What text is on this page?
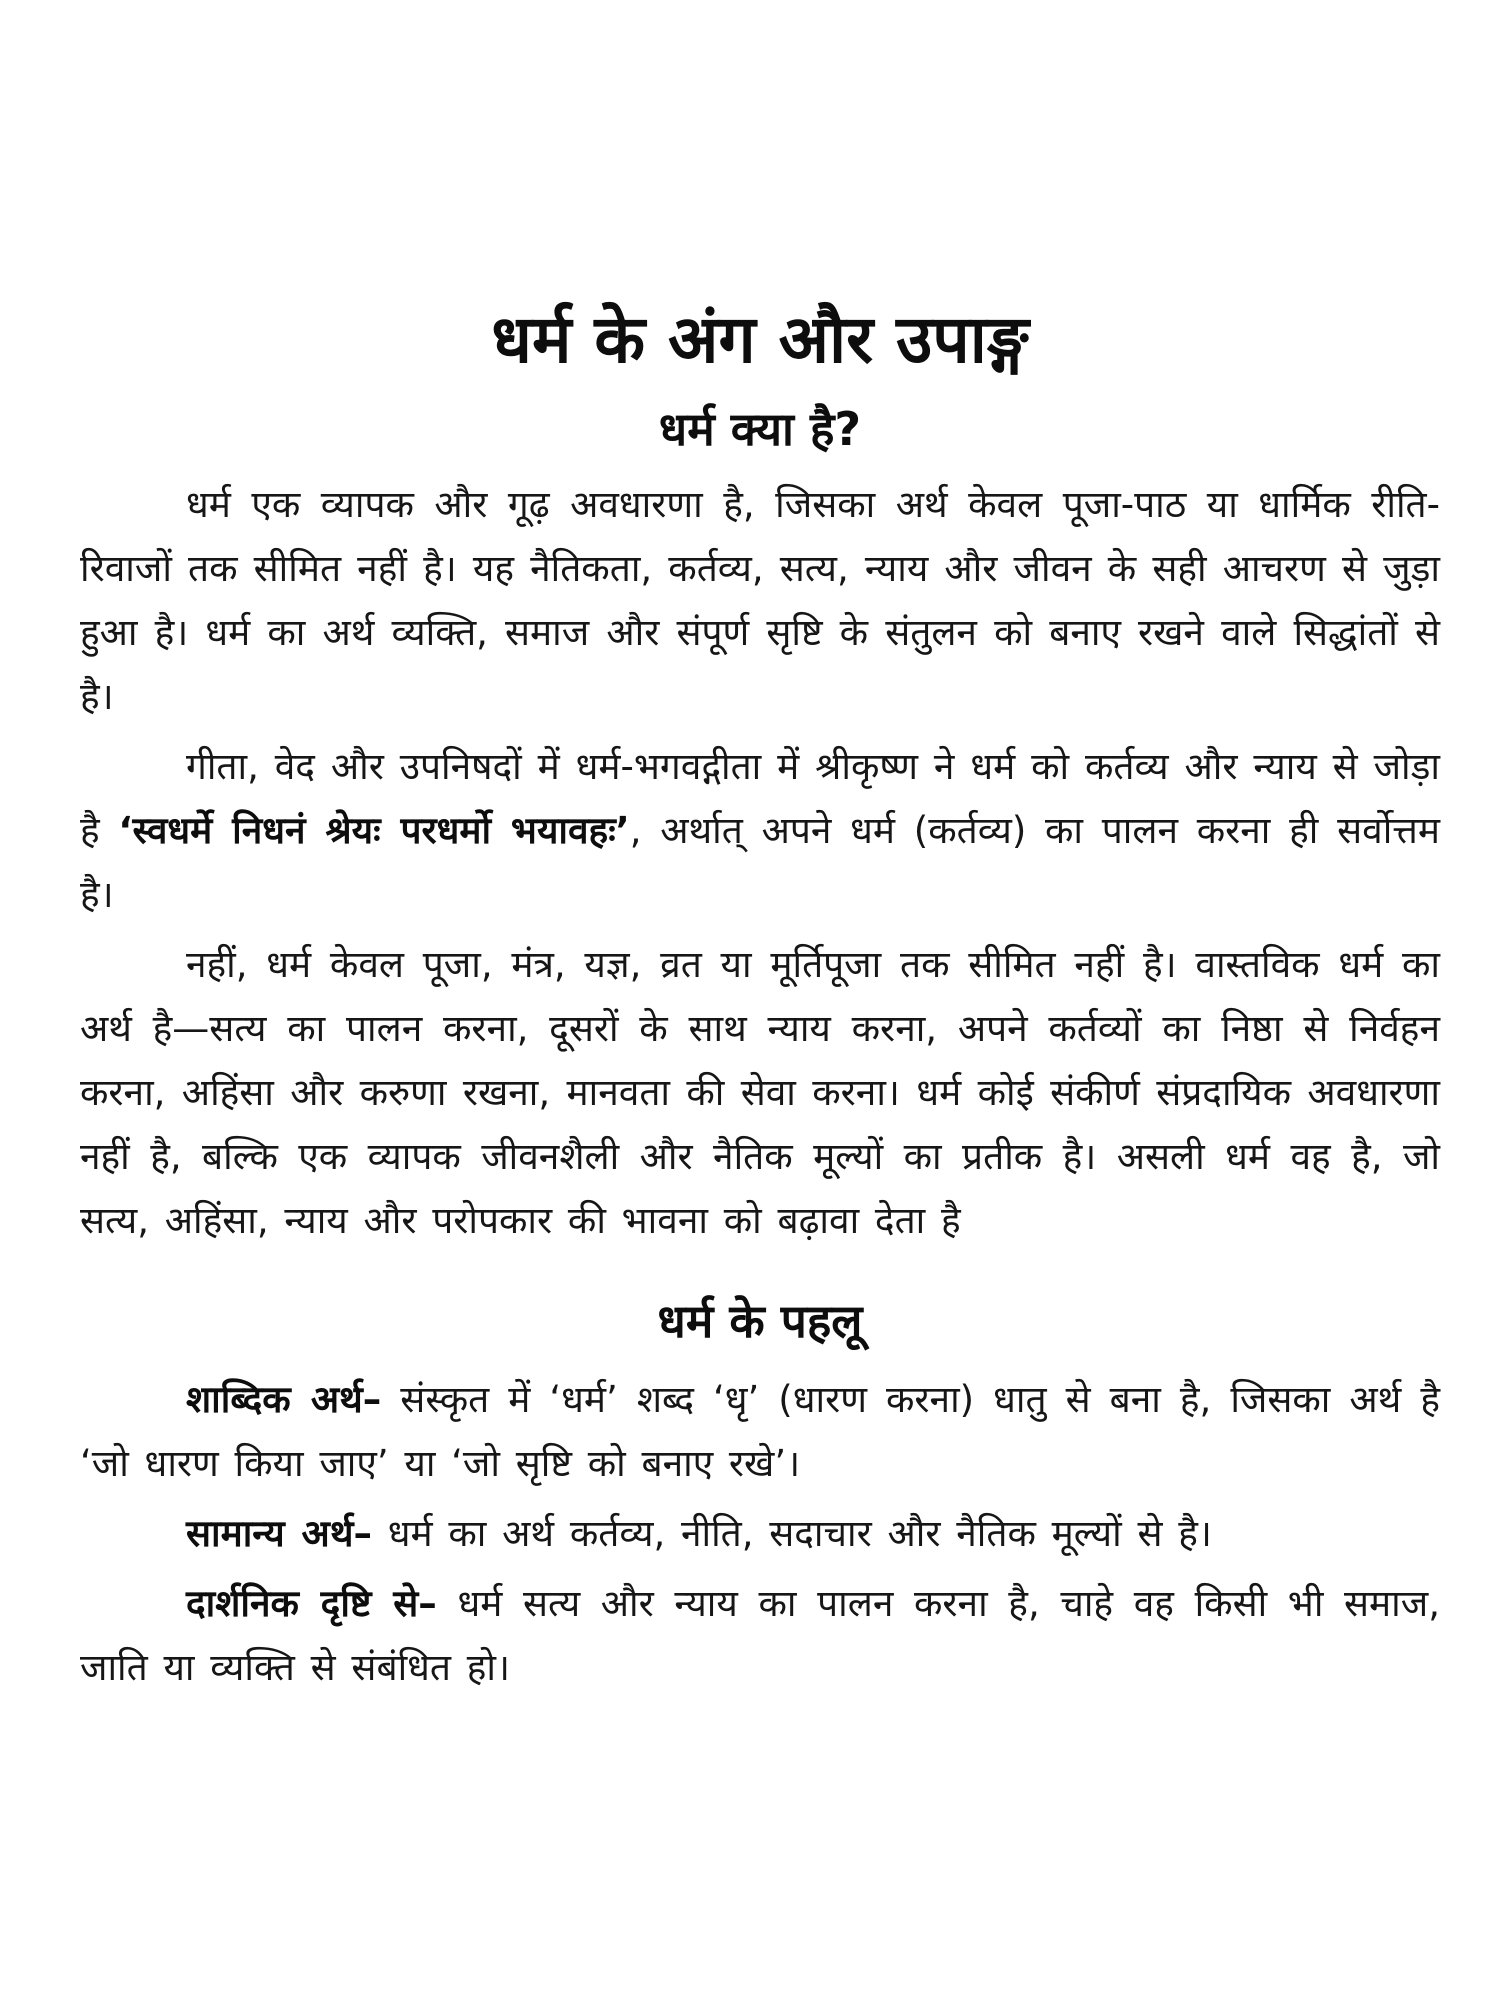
धर्म के अंग और उपाङ्ग
धर्म क्या है?

धर्म एक व्यापक और गूढ़ अवधारणा है, जिसका अर्थ केवल पूजा-पाठ या धार्मिक रीति-रिवाजों तक सीमित नहीं है। यह नैतिकता, कर्तव्य, सत्य, न्याय और जीवन के सही आचरण से जुड़ा हुआ है। धर्म का अर्थ व्यक्ति, समाज और संपूर्ण सृष्टि के संतुलन को बनाए रखने वाले सिद्धांतों से है।

गीता, वेद और उपनिषदों में धर्म-भगवद्गीता में श्रीकृष्ण ने धर्म को कर्तव्य और न्याय से जोड़ा है ‘स्वधर्मे निधनं श्रेयः परधर्मो भयावहः’, अर्थात् अपने धर्म (कर्तव्य) का पालन करना ही सर्वोत्तम है।

नहीं, धर्म केवल पूजा, मंत्र, यज्ञ, व्रत या मूर्तिपूजा तक सीमित नहीं है। वास्तविक धर्म का अर्थ है—सत्य का पालन करना, दूसरों के साथ न्याय करना, अपने कर्तव्यों का निष्ठा से निर्वहन करना, अहिंसा और करुणा रखना, मानवता की सेवा करना। धर्म कोई संकीर्ण संप्रदायिक अवधारणा नहीं है, बल्कि एक व्यापक जीवनशैली और नैतिक मूल्यों का प्रतीक है। असली धर्म वह है, जो सत्य, अहिंसा, न्याय और परोपकार की भावना को बढ़ावा देता है

धर्म के पहलू

शाब्दिक अर्थ– संस्कृत में ‘धर्म’ शब्द ‘धृ’ (धारण करना) धातु से बना है, जिसका अर्थ है ‘जो धारण किया जाए’ या ‘जो सृष्टि को बनाए रखे’।

सामान्य अर्थ– धर्म का अर्थ कर्तव्य, नीति, सदाचार और नैतिक मूल्यों से है।

दार्शनिक दृष्टि से– धर्म सत्य और न्याय का पालन करना है, चाहे वह किसी भी समाज, जाति या व्यक्ति से संबंधित हो।
